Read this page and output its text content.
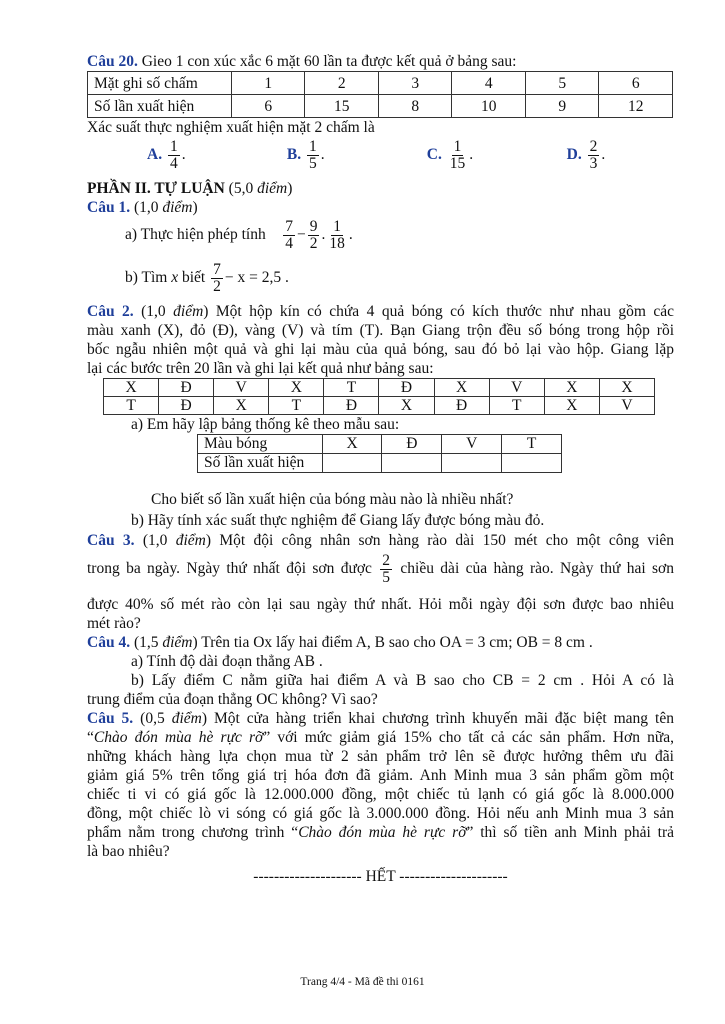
Câu 20. Gieo 1 con xúc xắc 6 mặt 60 lần ta được kết quả ở bảng sau:
Mặt ghi số chấm	1	2	3	4	5	6
Số lần xuất hiện	6	15	8	10	9	12
Xác suất thực nghiệm xuất hiện mặt 2 chấm là
A. $\frac{1}{4}$ .	B. $\frac{1}{5}$ .	C. $\frac{1}{15}$ .	D. $\frac{2}{3}$ .
PHẦN II. TỰ LUẬN (5,0 điểm)
Câu 1. (1,0 điểm)
a) Thực hiện phép tính $\frac{7}{4} - \frac{9}{2}$ . $\frac{1}{18}$ .
b) Tìm x biết $\frac{7}{2} - x = 2,5$ .
Câu 2. (1,0 điểm) Một hộp kín có chứa 4 quả bóng có kích thước như nhau gồm các
màu xanh (X), đỏ (Đ), vàng (V) và tím (T). Bạn Giang trộn đều số bóng trong hộp rồi
bốc ngẫu nhiên một quả và ghi lại màu của quả bóng, sau đó bỏ lại vào hộp. Giang lặp
lại các bước trên 20 lần và ghi lại kết quả như bảng sau:
X	Đ	V	X	T	Đ	X	V	X	X
T	Đ	X	T	Đ	X	Đ	T	X	V
a) Em hãy lập bảng thống kê theo mẫu sau:
Màu bóng	X	Đ	V	T
Số lần xuất hiện				
Cho biết số lần xuất hiện của bóng màu nào là nhiều nhất?
b) Hãy tính xác suất thực nghiệm để Giang lấy được bóng màu đỏ.
Câu 3. (1,0 điểm) Một đội công nhân sơn hàng rào dài 150 mét cho một công viên
trong ba ngày. Ngày thứ nhất đội sơn được $\frac{2}{5}$ chiều dài của hàng rào. Ngày thứ hai sơn
được 40% số mét rào còn lại sau ngày thứ nhất. Hỏi mỗi ngày đội sơn được bao nhiêu
mét rào?
Câu 4. (1,5 điểm) Trên tia Ox lấy hai điểm A, B sao cho OA = 3 cm; OB = 8 cm .
a) Tính độ dài đoạn thẳng AB .
b) Lấy điểm C nằm giữa hai điểm A và B sao cho CB = 2 cm . Hỏi A có là
trung điểm của đoạn thẳng OC không? Vì sao?
Câu 5. (0,5 điểm) Một cửa hàng triển khai chương trình khuyến mãi đặc biệt mang tên
“Chào đón mùa hè rực rỡ” với mức giảm giá 15% cho tất cả các sản phẩm. Hơn nữa,
những khách hàng lựa chọn mua từ 2 sản phẩm trở lên sẽ được hưởng thêm ưu đãi
giảm giá 5% trên tổng giá trị hóa đơn đã giảm. Anh Minh mua 3 sản phẩm gồm một
chiếc ti vi có giá gốc là 12.000.000 đồng, một chiếc tủ lạnh có giá gốc là 8.000.000
đồng, một chiếc lò vi sóng có giá gốc là 3.000.000 đồng. Hỏi nếu anh Minh mua 3 sản
phẩm nằm trong chương trình “Chào đón mùa hè rực rỡ” thì số tiền anh Minh phải trả
là bao nhiêu?
--------------------- HẾT ---------------------
Trang 4/4 - Mã đề thi 0161
